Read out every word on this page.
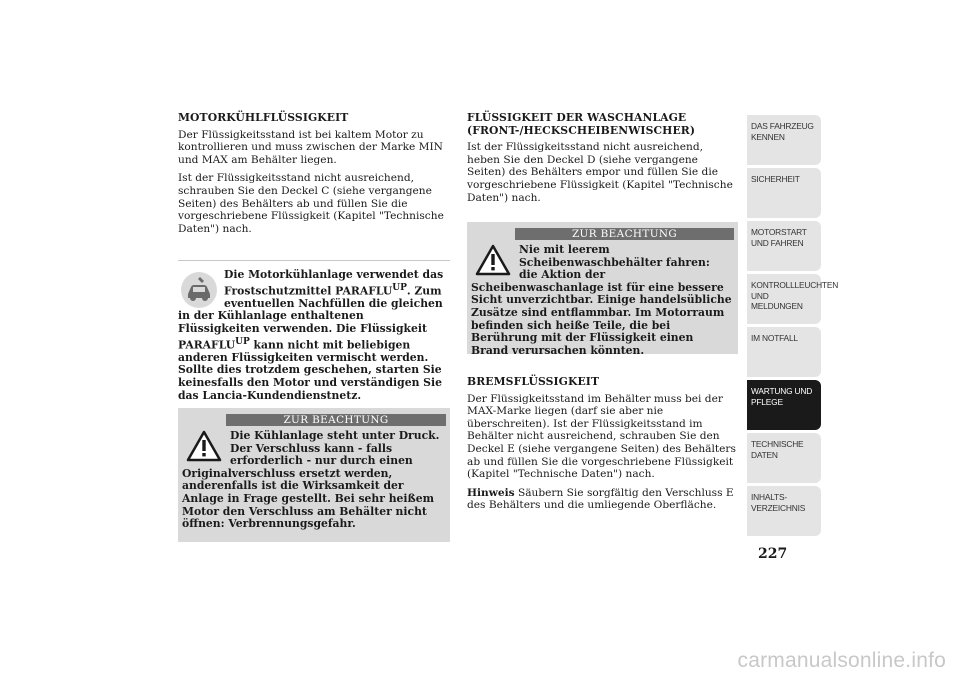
MOTORKÜHLFLÜSSIGKEIT

Der Flüssigkeitsstand ist bei kaltem Motor zu kontrollieren und muss zwischen der Marke MIN und MAX am Behälter liegen.

Ist der Flüssigkeitsstand nicht ausreichend, schrauben Sie den Deckel C (siehe vergangene Seiten) des Behälters ab und füllen Sie die vorgeschriebene Flüssigkeit (Kapitel "Technische Daten") nach.

Die Motorkühlanlage verwendet das Frostschutzmittel $PARAFLU^{UP}$. Zum eventuellen Nachfüllen die gleichen in der Kühlanlage enthaltenen Flüssigkeiten verwenden. Die Flüssigkeit $PARAFLU^{UP}$ kann nicht mit beliebigen anderen Flüssigkeiten vermischt werden. Sollte dies trotzdem geschehen, starten Sie keinesfalls den Motor und verständigen Sie das Lancia-Kundendienstnetz.
ZUR BEACHTUNG
Die Kühlanlage steht unter Druck. Der Verschluss kann - falls erforderlich - nur durch einen Originalverschluss ersetzt werden, anderenfalls ist die Wirksamkeit der Anlage in Frage gestellt. Bei sehr heißem Motor den Verschluss am Behälter nicht öffnen: Verbrennungsgefahr.
FLÜSSIGKEIT DER WASCHANLAGE (FRONT-/HECKSCHEIBENWISCHER)

Ist der Flüssigkeitsstand nicht ausreichend, heben Sie den Deckel D (siehe vergangene Seiten) des Behälters empor und füllen Sie die vorgeschriebene Flüssigkeit (Kapitel "Technische Daten") nach.

ZUR BEACHTUNG
Nie mit leerem Scheibenwaschbehälter fahren: die Aktion der Scheibenwaschanlage ist für eine bessere Sicht unverzichtbar. Einige handelsübliche Zusätze sind entflammbar. Im Motorraum befinden sich heiße Teile, die bei Berührung mit der Flüssigkeit einen Brand verursachen könnten.
BREMSFLÜSSIGKEIT

Der Flüssigkeitsstand im Behälter muss bei der MAX-Marke liegen (darf sie aber nie überschreiten). Ist der Flüssigkeitsstand im Behälter nicht ausreichend, schrauben Sie den Deckel E (siehe vergangene Seiten) des Behälters ab und füllen Sie die vorgeschriebene Flüssigkeit (Kapitel "Technische Daten") nach.

Hinweis Säubern Sie sorgfältig den Verschluss E des Behälters und die umliegende Oberfläche.

DAS FAHRZEUG KENNEN
SICHERHEIT
MOTORSTART UND FAHREN
KONTROLLLEUCHTEN UND MELDUNGEN
IM NOTFALL
WARTUNG UND PFLEGE
TECHNISCHE DATEN
INHALTS-VERZEICHNIS
227
carmanualsonline.info
